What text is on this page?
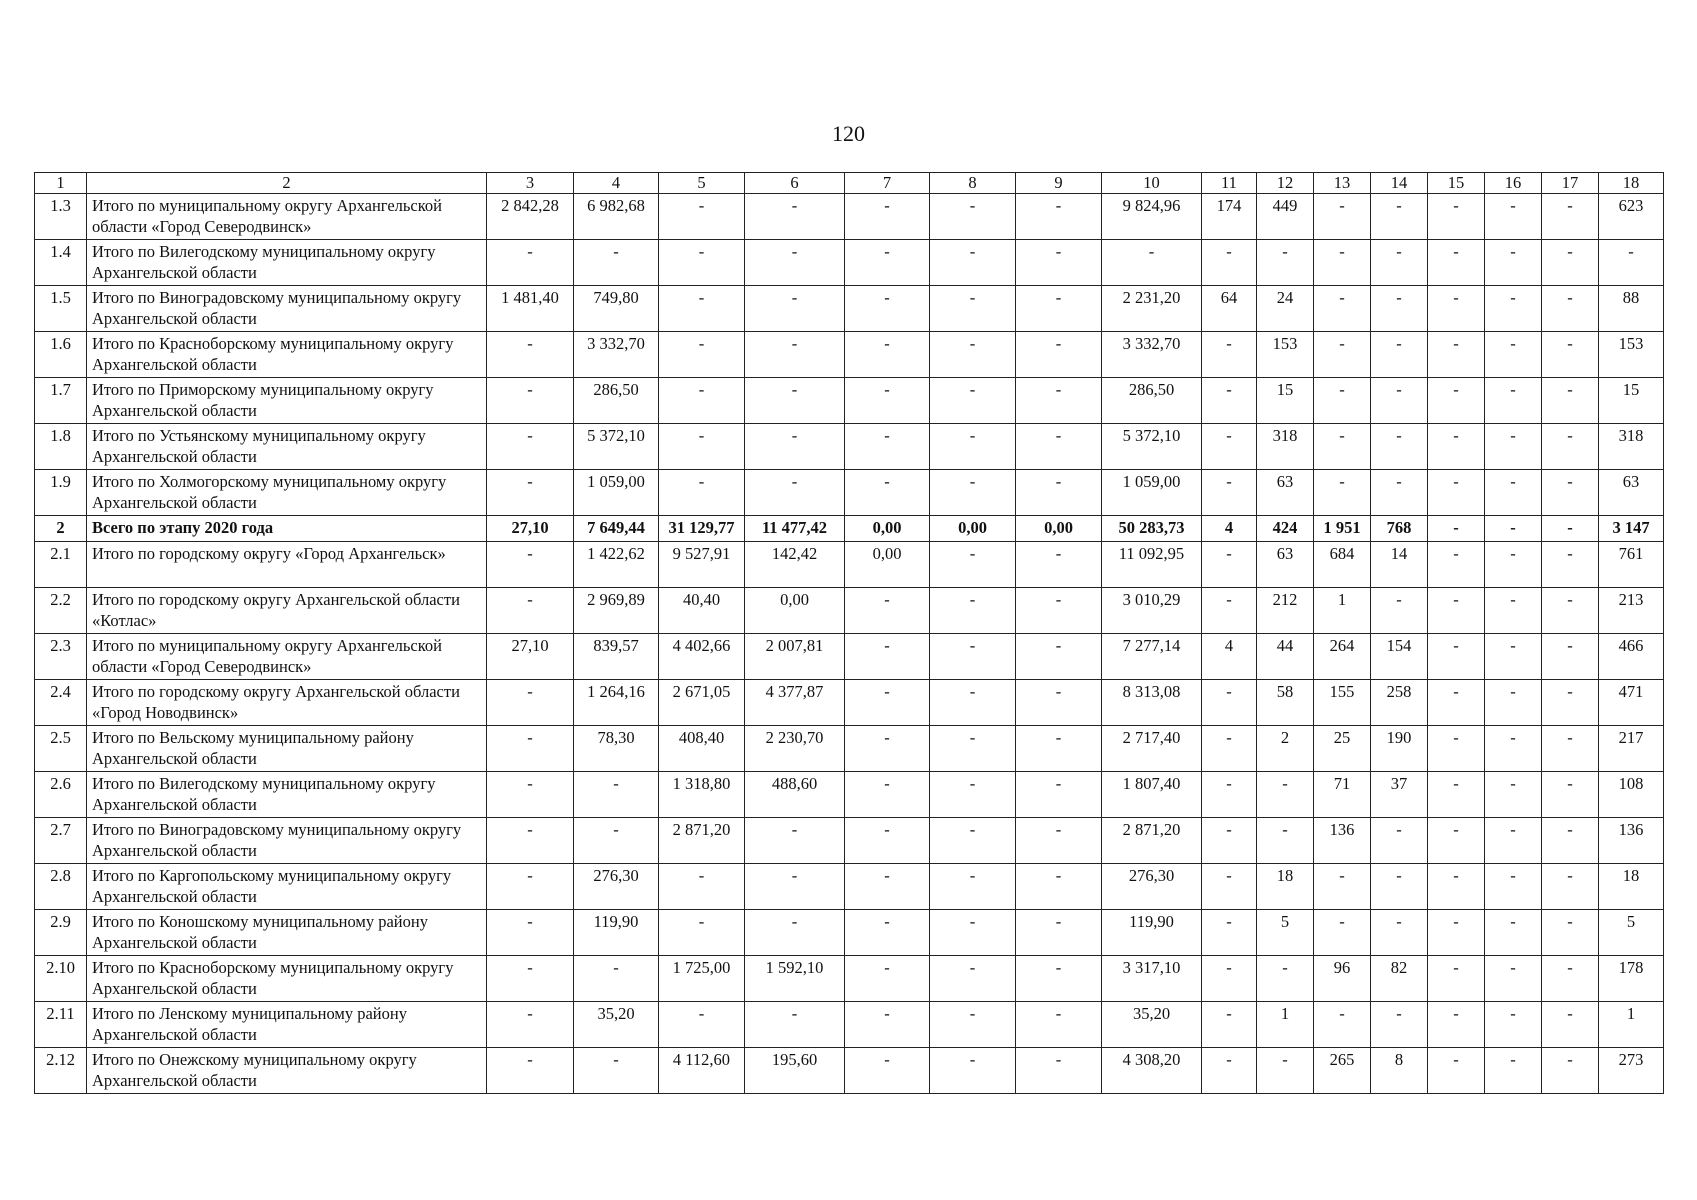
120
1	2	3	4	5	6	7	8	9	10	11	12	13	14	15	16	17	18
1.3	Итого по муниципальному округу Архангельской области «Город Северодвинск»	2 842,28	6 982,68	-	-	-	-	-	9 824,96	174	449	-	-	-	-	-	623
1.4	Итого по Вилегодскому муниципальному округу Архангельской области	-	-	-	-	-	-	-	-	-	-	-	-	-	-	-	-
1.5	Итого по Виноградовскому муниципальному округу Архангельской области	1 481,40	749,80	-	-	-	-	-	2 231,20	64	24	-	-	-	-	-	88
1.6	Итого по Красноборскому муниципальному округу Архангельской области	-	3 332,70	-	-	-	-	-	3 332,70	-	153	-	-	-	-	-	153
1.7	Итого по Приморскому муниципальному округу Архангельской области	-	286,50	-	-	-	-	-	286,50	-	15	-	-	-	-	-	15
1.8	Итого по Устьянскому муниципальному округу Архангельской области	-	5 372,10	-	-	-	-	-	5 372,10	-	318	-	-	-	-	-	318
1.9	Итого по Холмогорскому муниципальному округу Архангельской области	-	1 059,00	-	-	-	-	-	1 059,00	-	63	-	-	-	-	-	63
2	Всего по этапу 2020 года	27,10	7 649,44	31 129,77	11 477,42	0,00	0,00	0,00	50 283,73	4	424	1 951	768	-	-	-	3 147
2.1	Итого по городскому округу «Город Архангельск»	-	1 422,62	9 527,91	142,42	0,00	-	-	11 092,95	-	63	684	14	-	-	-	761
2.2	Итого по городскому округу Архангельской области «Котлас»	-	2 969,89	40,40	0,00	-	-	-	3 010,29	-	212	1	-	-	-	-	213
2.3	Итого по муниципальному округу Архангельской области «Город Северодвинск»	27,10	839,57	4 402,66	2 007,81	-	-	-	7 277,14	4	44	264	154	-	-	-	466
2.4	Итого по городскому округу Архангельской области «Город Новодвинск»	-	1 264,16	2 671,05	4 377,87	-	-	-	8 313,08	-	58	155	258	-	-	-	471
2.5	Итого по Вельскому муниципальному району Архангельской области	-	78,30	408,40	2 230,70	-	-	-	2 717,40	-	2	25	190	-	-	-	217
2.6	Итого по Вилегодскому муниципальному округу Архангельской области	-	-	1 318,80	488,60	-	-	-	1 807,40	-	-	71	37	-	-	-	108
2.7	Итого по Виноградовскому муниципальному округу Архангельской области	-	-	2 871,20	-	-	-	-	2 871,20	-	-	136	-	-	-	-	136
2.8	Итого по Каргопольскому муниципальному округу Архангельской области	-	276,30	-	-	-	-	-	276,30	-	18	-	-	-	-	-	18
2.9	Итого по Коношскому муниципальному району Архангельской области	-	119,90	-	-	-	-	-	119,90	-	5	-	-	-	-	-	5
2.10	Итого по Красноборскому муниципальному округу Архангельской области	-	-	1 725,00	1 592,10	-	-	-	3 317,10	-	-	96	82	-	-	-	178
2.11	Итого по Ленскому муниципальному району Архангельской области	-	35,20	-	-	-	-	-	35,20	-	1	-	-	-	-	-	1
2.12	Итого по Онежскому муниципальному округу Архангельской области	-	-	4 112,60	195,60	-	-	-	4 308,20	-	-	265	8	-	-	-	273
